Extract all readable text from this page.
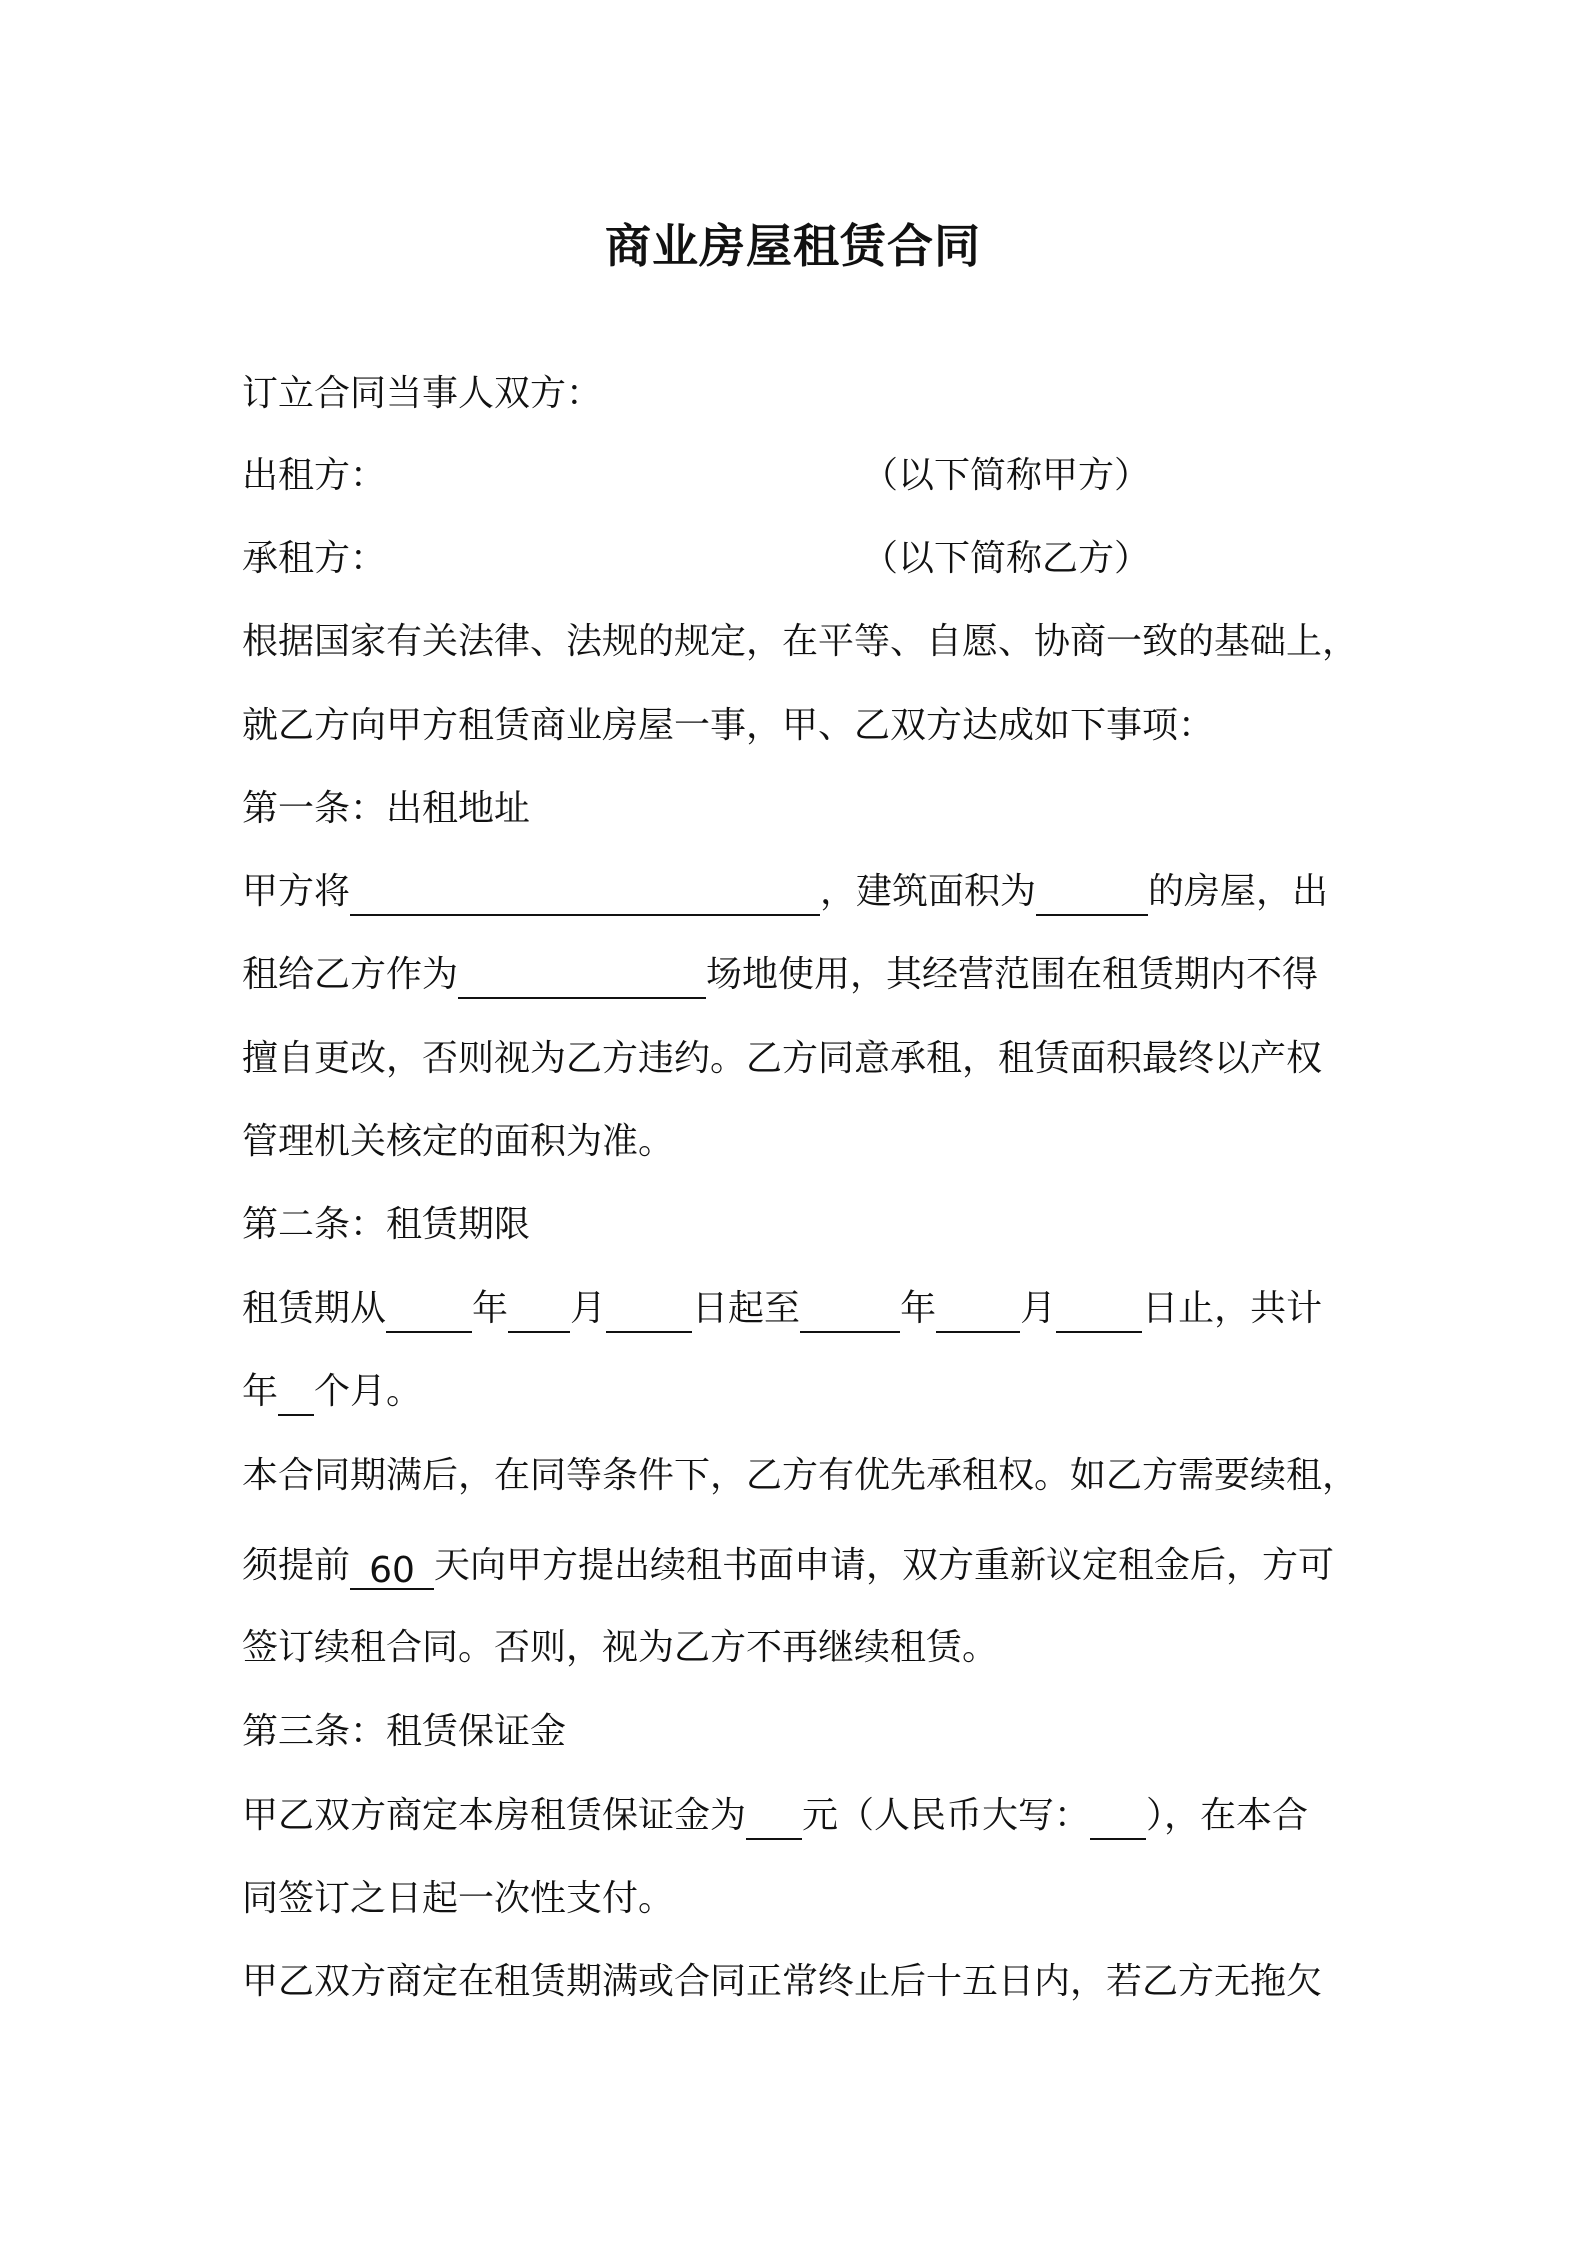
商业房屋租赁合同
订立合同当事人双方：
出租方：	（以下简称甲方）
承租方：	（以下简称乙方）
根据国家有关法律、法规的规定，在平等、自愿、协商一致的基础上，
就乙方向甲方租赁商业房屋一事，甲、乙双方达成如下事项：
第一条：出租地址
甲方将	，建筑面积为	的房屋，出
租给乙方作为	场地使用，其经营范围在租赁期内不得
擅自更改，否则视为乙方违约。乙方同意承租，租赁面积最终以产权
管理机关核定的面积为准。
第二条：租赁期限
租赁期从 年 月 日起至	年 月 日止，共计
年 个月。
本合同期满后，在同等条件下，乙方有优先承租权。如乙方需要续租，
须提前 60 天向甲方提出续租书面申请，双方重新议定租金后，方可
签订续租合同。否则，视为乙方不再继续租赁。
第三条：租赁保证金
甲乙双方商定本房租赁保证金为 元（人民币大写： ），在本合
同签订之日起一次性支付。
甲乙双方商定在租赁期满或合同正常终止后十五日内，若乙方无拖欠
